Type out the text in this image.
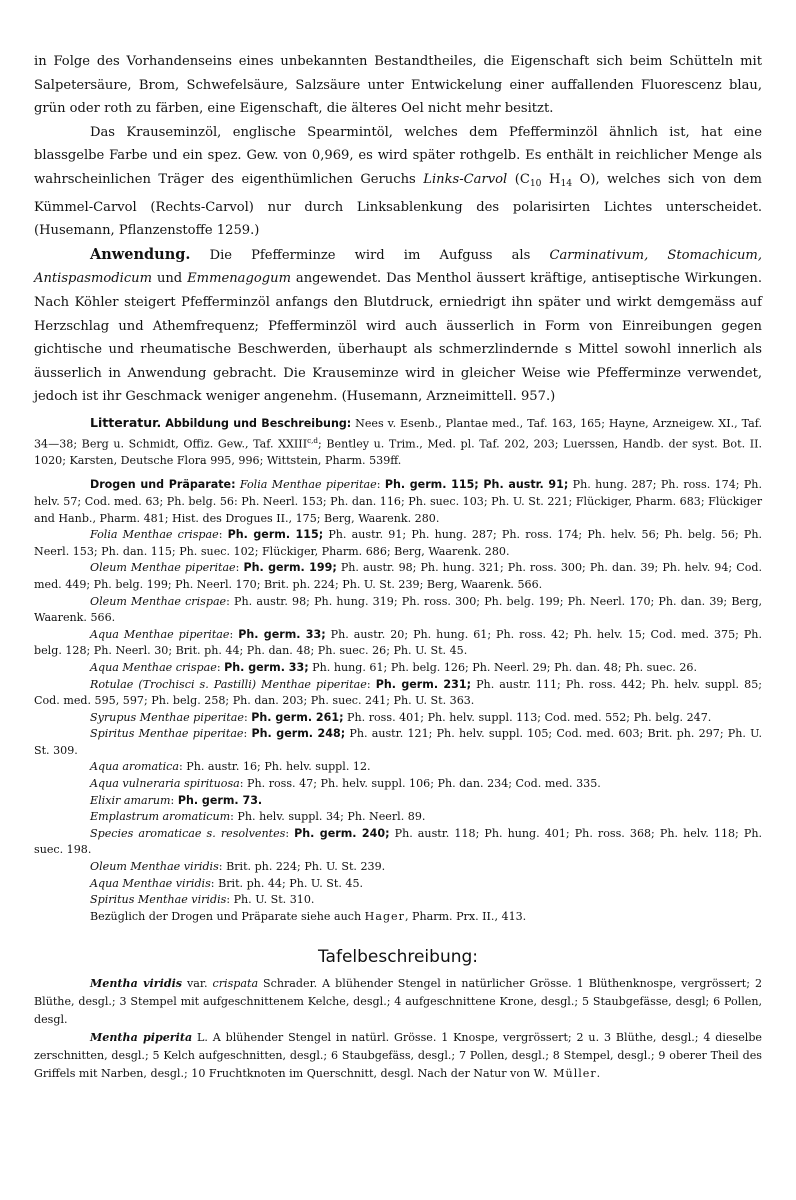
in Folge des Vorhandenseins eines unbekannten Bestandtheiles, die Eigenschaft sich beim Schütteln mit Salpetersäure, Brom, Schwefelsäure, Salzsäure unter Entwickelung einer auffallenden Fluorescenz blau, grün oder roth zu färben, eine Eigenschaft, die älteres Oel nicht mehr besitzt.

Das Krauseminzöl, englische Spearmintöl, welches dem Pfefferminzöl ähnlich ist, hat eine blassgelbe Farbe und ein spez. Gew. von 0,969, es wird später rothgelb. Es enthält in reichlicher Menge als wahrscheinlichen Träger des eigenthümlichen Geruchs Links-Carvol ($C_{10}$ $H_{14}$ O), welches sich von dem Kümmel-Carvol (Rechts-Carvol) nur durch Linksablenkung des polarisirten Lichtes unterscheidet. (Husemann, Pflanzenstoffe 1259.)

Anwendung. Die Pfefferminze wird im Aufguss als Carminativum, Stomachicum, Antispasmodicum und Emmenagogum angewendet. Das Menthol äussert kräftige, antiseptische Wirkungen. Nach Köhler steigert Pfefferminzöl anfangs den Blutdruck, erniedrigt ihn später und wirkt demgemäss auf Herzschlag und Athemfrequenz; Pfefferminzöl wird auch äusserlich in Form von Einreibungen gegen gichtische und rheumatische Beschwerden, überhaupt als schmerzlindernde s Mittel sowohl innerlich als äusserlich in Anwendung gebracht. Die Krauseminze wird in gleicher Weise wie Pfefferminze verwendet, jedoch ist ihr Geschmack weniger angenehm. (Husemann, Arzneimittell. 957.)

Litteratur. Abbildung und Beschreibung: Nees v. Esenb., Plantae med., Taf. 163, 165; Hayne, Arzneigew. XI., Taf. 34—38; Berg u. Schmidt, Offiz. Gew., Taf. XXIII$^{c,d}$; Bentley u. Trim., Med. pl. Taf. 202, 203; Luerssen, Handb. der syst. Bot. II. 1020; Karsten, Deutsche Flora 995, 996; Wittstein, Pharm. 539ff.

Drogen und Präparate: Folia Menthae piperitae: Ph. germ. 115; Ph. austr. 91; Ph. hung. 287; Ph. ross. 174; Ph. helv. 57; Cod. med. 63; Ph. belg. 56: Ph. Neerl. 153; Ph. dan. 116; Ph. suec. 103; Ph. U. St. 221; Flückiger, Pharm. 683; Flückiger and Hanb., Pharm. 481; Hist. des Drogues II., 175; Berg, Waarenk. 280.

Folia Menthae crispae: Ph. germ. 115; Ph. austr. 91; Ph. hung. 287; Ph. ross. 174; Ph. helv. 56; Ph. belg. 56; Ph. Neerl. 153; Ph. dan. 115; Ph. suec. 102; Flückiger, Pharm. 686; Berg, Waarenk. 280.

Oleum Menthae piperitae: Ph. germ. 199; Ph. austr. 98; Ph. hung. 321; Ph. ross. 300; Ph. dan. 39; Ph. helv. 94; Cod. med. 449; Ph. belg. 199; Ph. Neerl. 170; Brit. ph. 224; Ph. U. St. 239; Berg, Waarenk. 566.

Oleum Menthae crispae: Ph. austr. 98; Ph. hung. 319; Ph. ross. 300; Ph. belg. 199; Ph. Neerl. 170; Ph. dan. 39; Berg, Waarenk. 566.

Aqua Menthae piperitae: Ph. germ. 33; Ph. austr. 20; Ph. hung. 61; Ph. ross. 42; Ph. helv. 15; Cod. med. 375; Ph. belg. 128; Ph. Neerl. 30; Brit. ph. 44; Ph. dan. 48; Ph. suec. 26; Ph. U. St. 45.

Aqua Menthae crispae: Ph. germ. 33; Ph. hung. 61; Ph. belg. 126; Ph. Neerl. 29; Ph. dan. 48; Ph. suec. 26.

Rotulae (Trochisci s. Pastilli) Menthae piperitae: Ph. germ. 231; Ph. austr. 111; Ph. ross. 442; Ph. helv. suppl. 85; Cod. med. 595, 597; Ph. belg. 258; Ph. dan. 203; Ph. suec. 241; Ph. U. St. 363.

Syrupus Menthae piperitae: Ph. germ. 261; Ph. ross. 401; Ph. helv. suppl. 113; Cod. med. 552; Ph. belg. 247.

Spiritus Menthae piperitae: Ph. germ. 248; Ph. austr. 121; Ph. helv. suppl. 105; Cod. med. 603; Brit. ph. 297; Ph. U. St. 309.

Aqua aromatica: Ph. austr. 16; Ph. helv. suppl. 12.

Aqua vulneraria spirituosa: Ph. ross. 47; Ph. helv. suppl. 106; Ph. dan. 234; Cod. med. 335.

Elixir amarum: Ph. germ. 73.

Emplastrum aromaticum: Ph. helv. suppl. 34; Ph. Neerl. 89.

Species aromaticae s. resolventes: Ph. germ. 240; Ph. austr. 118; Ph. hung. 401; Ph. ross. 368; Ph. helv. 118; Ph. suec. 198.

Oleum Menthae viridis: Brit. ph. 224; Ph. U. St. 239.

Aqua Menthae viridis: Brit. ph. 44; Ph. U. St. 45.

Spiritus Menthae viridis: Ph. U. St. 310.

Bezüglich der Drogen und Präparate siehe auch Hager, Pharm. Prx. II., 413.

Tafelbeschreibung:

Mentha viridis var. crispata Schrader. A blühender Stengel in natürlicher Grösse. 1 Blüthenknospe, vergrössert; 2 Blüthe, desgl.; 3 Stempel mit aufgeschnittenem Kelche, desgl.; 4 aufgeschnittene Krone, desgl.; 5 Staubgefässe, desgl; 6 Pollen, desgl.

Mentha piperita L. A blühender Stengel in natürl. Grösse. 1 Knospe, vergrössert; 2 u. 3 Blüthe, desgl.; 4 dieselbe zerschnitten, desgl.; 5 Kelch aufgeschnitten, desgl.; 6 Staubgefäss, desgl.; 7 Pollen, desgl.; 8 Stempel, desgl.; 9 oberer Theil des Griffels mit Narben, desgl.; 10 Fruchtknoten im Querschnitt, desgl. Nach der Natur von W. Müller.
